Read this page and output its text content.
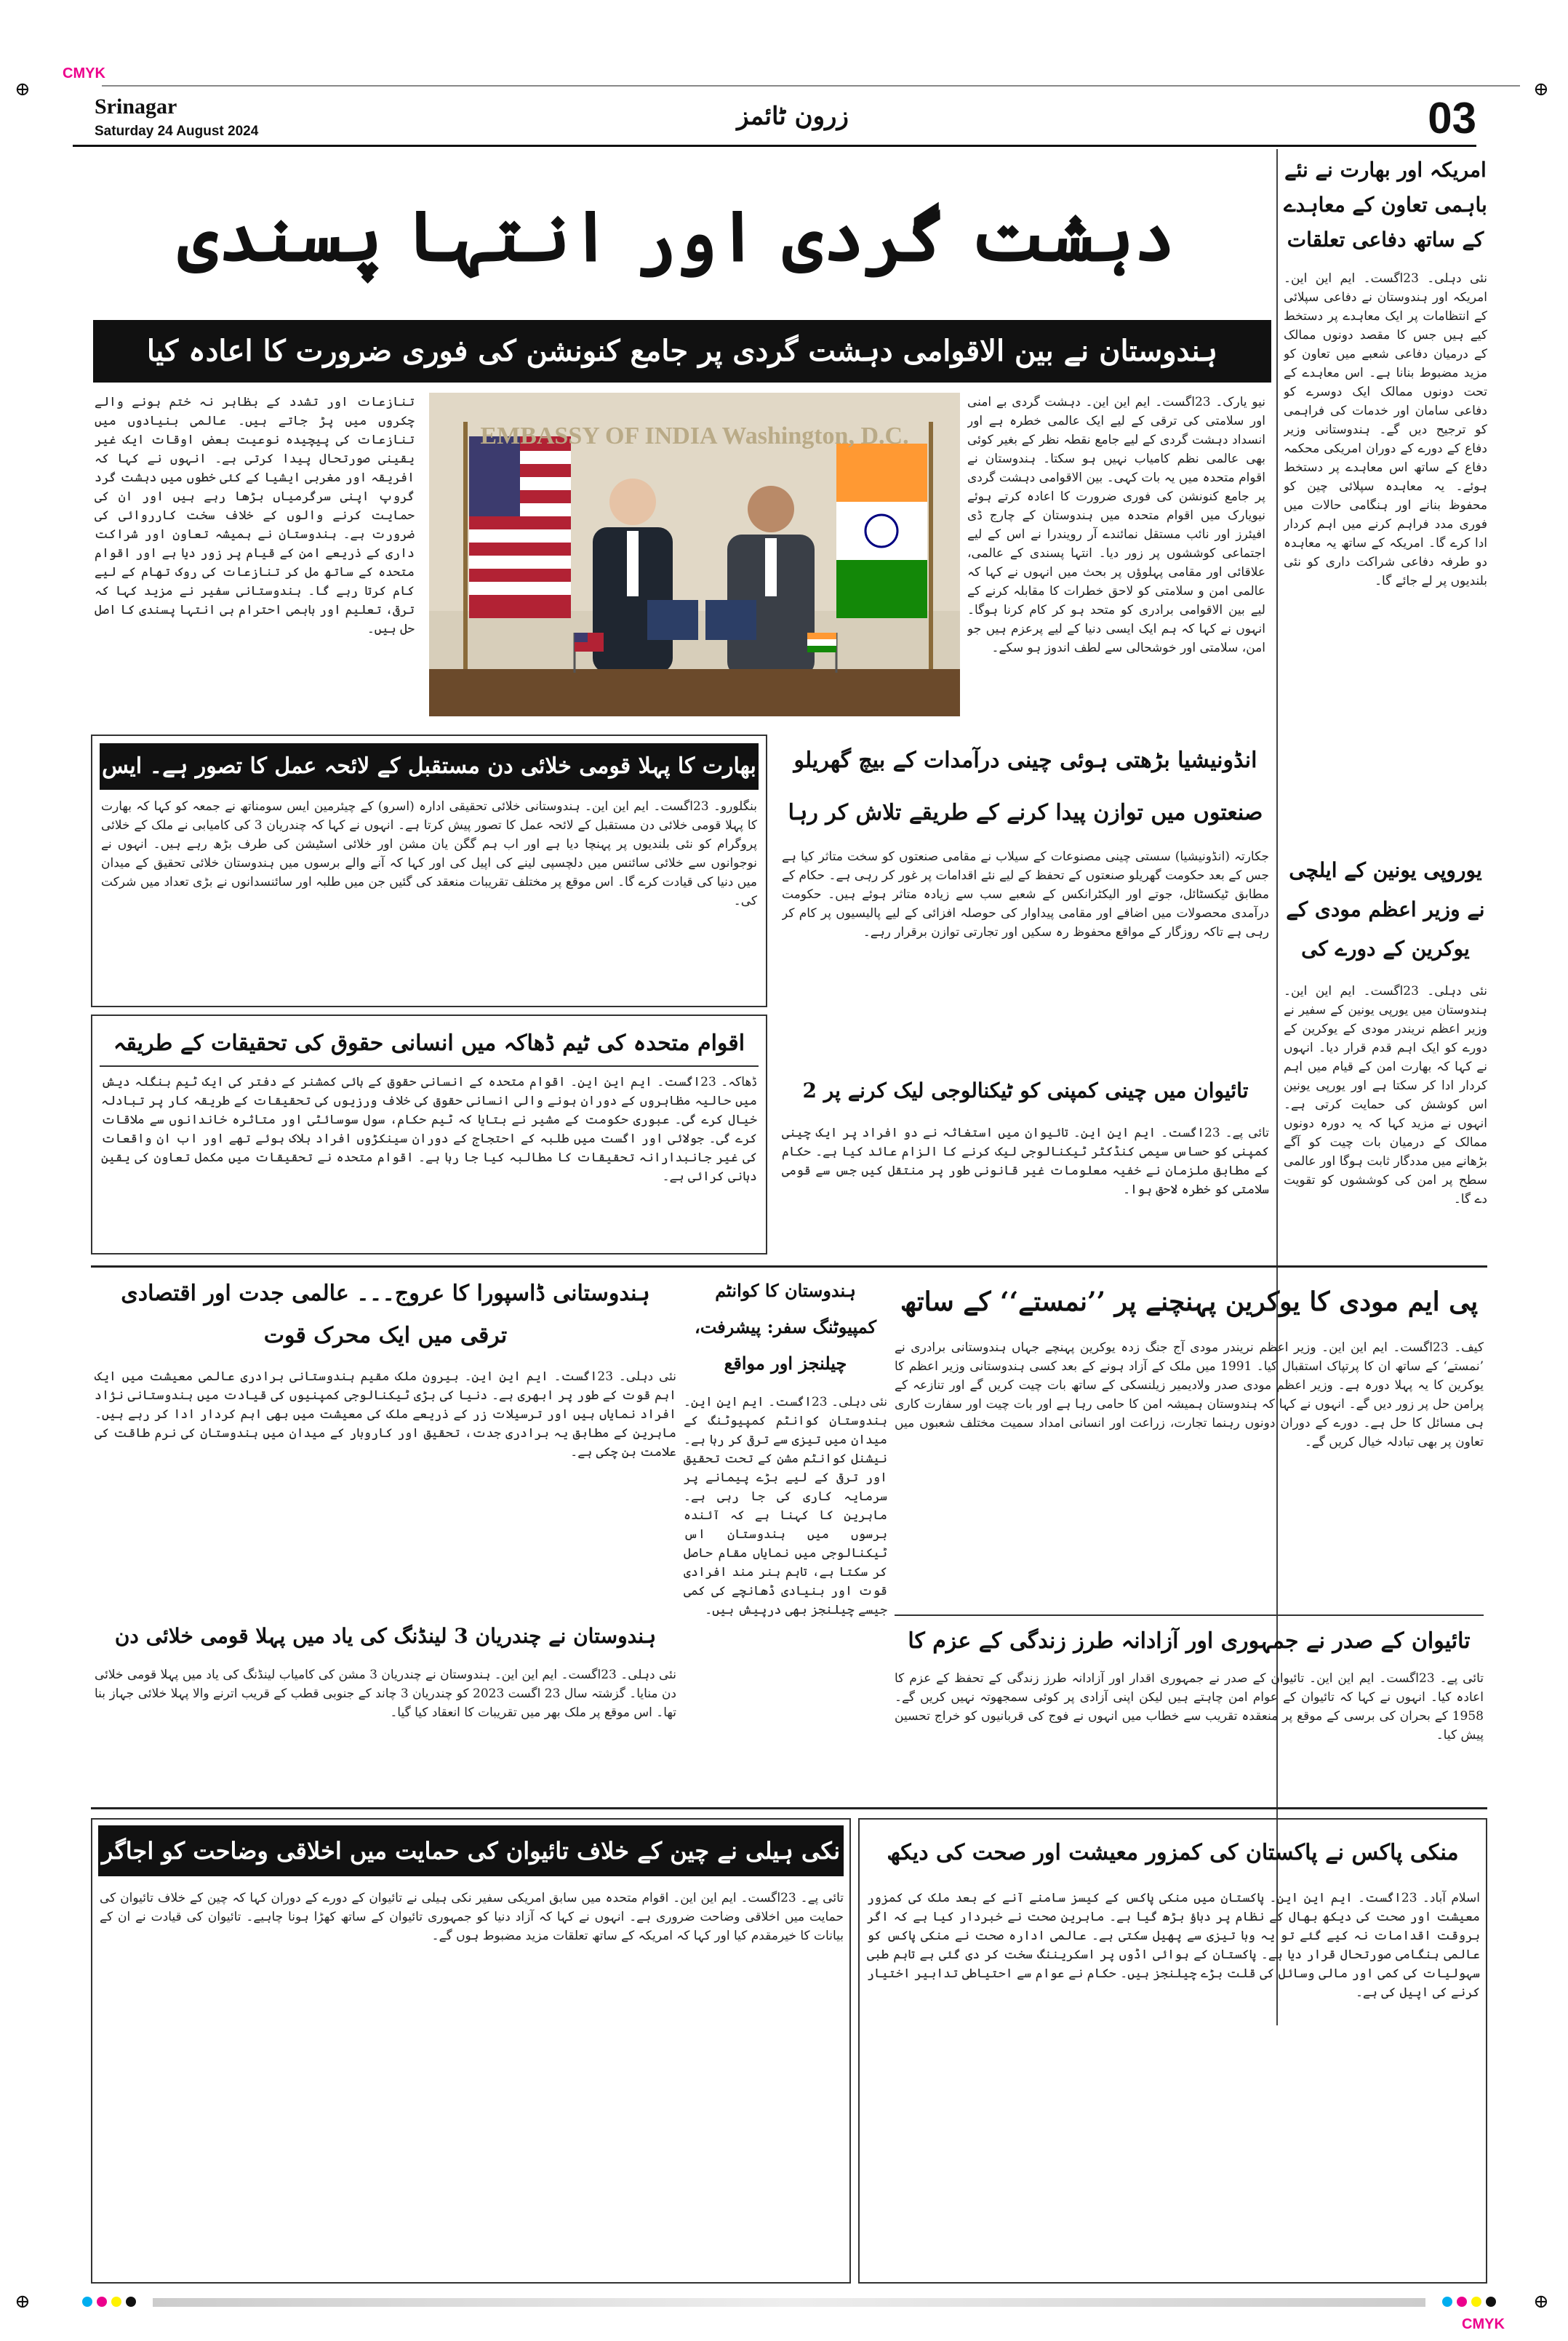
CMYK
⊕	⊕
Srinagar
Saturday 24 August 2024
زرون ٹائمز	03
دہشت گردی اور انتہا پسندی
ہندوستان نے بین الاقوامی دہشت گردی پر جامع کنونشن کی فوری ضرورت کا اعادہ کیا
نیو یارک۔ 23اگست۔ ایم این این۔ دہشت گردی بے امنی اور سلامتی کی ترقی کے لیے ایک عالمی خطرہ ہے اور انسداد دہشت گردی کے لیے جامع نقطہ نظر کے بغیر کوئی بھی عالمی نظم کامیاب نہیں ہو سکتا۔ ہندوستان نے اقوام متحدہ میں یہ بات کہی۔ بین الاقوامی دہشت گردی پر جامع کنونشن کی فوری ضرورت کا اعادہ کرتے ہوئے نیویارک میں اقوام متحدہ میں ہندوستان کے چارج ڈی افیئرز اور نائب مستقل نمائندے آر رویندرا نے اس کے لیے اجتماعی کوششوں پر زور دیا۔ انتہا پسندی کے عالمی، علاقائی اور مقامی پہلوؤں پر بحث میں انہوں نے کہا کہ عالمی امن و سلامتی کو لاحق خطرات کا مقابلہ کرنے کے لیے بین الاقوامی برادری کو متحد ہو کر کام کرنا ہوگا۔ انہوں نے کہا کہ ہم ایک ایسی دنیا کے لیے پرعزم ہیں جو امن، سلامتی اور خوشحالی سے لطف اندوز ہو سکے۔
تنازعات اور تشدد کے بظاہر نہ ختم ہونے والے چکروں میں پڑ جاتے ہیں۔ عالمی بنیادوں میں تنازعات کی پیچیدہ نوعیت بعض اوقات ایک غیر یقینی صورتحال پیدا کرتی ہے۔ انہوں نے کہا کہ افریقہ اور مغربی ایشیا کے کئی خطوں میں دہشت گرد گروپ اپنی سرگرمیاں بڑھا رہے ہیں اور ان کی حمایت کرنے والوں کے خلاف سخت کارروائی کی ضرورت ہے۔ ہندوستان نے ہمیشہ تعاون اور شراکت داری کے ذریعے امن کے قیام پر زور دیا ہے اور اقوام متحدہ کے ساتھ مل کر تنازعات کی روک تھام کے لیے کام کرتا رہے گا۔ ہندوستانی سفیر نے مزید کہا کہ ترقی، تعلیم اور باہمی احترام ہی انتہا پسندی کا اصل حل ہیں۔
EMBASSY OF INDIA Washington, D.C.
امریکہ اور بھارت نے نئے باہمی تعاون کے معاہدے کے ساتھ دفاعی تعلقات
نئی دہلی۔ 23اگست۔ ایم این این۔ امریکہ اور ہندوستان نے دفاعی سپلائی کے انتظامات پر ایک معاہدے پر دستخط کیے ہیں جس کا مقصد دونوں ممالک کے درمیان دفاعی شعبے میں تعاون کو مزید مضبوط بنانا ہے۔ اس معاہدے کے تحت دونوں ممالک ایک دوسرے کو دفاعی سامان اور خدمات کی فراہمی کو ترجیح دیں گے۔ ہندوستانی وزیر دفاع کے دورے کے دوران امریکی محکمہ دفاع کے ساتھ اس معاہدے پر دستخط ہوئے۔ یہ معاہدہ سپلائی چین کو محفوظ بنانے اور ہنگامی حالات میں فوری مدد فراہم کرنے میں اہم کردار ادا کرے گا۔ امریکہ کے ساتھ یہ معاہدہ دو طرفہ دفاعی شراکت داری کو نئی بلندیوں پر لے جائے گا۔
یوروپی یونین کے ایلچی نے وزیر اعظم مودی کے یوکرین کے دورے کی
نئی دہلی۔ 23اگست۔ ایم این این۔ ہندوستان میں یورپی یونین کے سفیر نے وزیر اعظم نریندر مودی کے یوکرین کے دورے کو ایک اہم قدم قرار دیا۔ انہوں نے کہا کہ بھارت امن کے قیام میں اہم کردار ادا کر سکتا ہے اور یورپی یونین اس کوشش کی حمایت کرتی ہے۔ انہوں نے مزید کہا کہ یہ دورہ دونوں ممالک کے درمیان بات چیت کو آگے بڑھانے میں مددگار ثابت ہوگا اور عالمی سطح پر امن کی کوششوں کو تقویت دے گا۔
بھارت کا پہلا قومی خلائی دن مستقبل کے لائحہ عمل کا تصور ہے۔ ایس
بنگلورو۔ 23اگست۔ ایم این این۔ ہندوستانی خلائی تحقیقی ادارہ (اسرو) کے چیئرمین ایس سومناتھ نے جمعہ کو کہا کہ بھارت کا پہلا قومی خلائی دن مستقبل کے لائحہ عمل کا تصور پیش کرتا ہے۔ انہوں نے کہا کہ چندریان 3 کی کامیابی نے ملک کے خلائی پروگرام کو نئی بلندیوں پر پہنچا دیا ہے اور اب ہم گگن یان مشن اور خلائی اسٹیشن کی طرف بڑھ رہے ہیں۔ انہوں نے نوجوانوں سے خلائی سائنس میں دلچسپی لینے کی اپیل کی اور کہا کہ آنے والے برسوں میں ہندوستان خلائی تحقیق کے میدان میں دنیا کی قیادت کرے گا۔ اس موقع پر مختلف تقریبات منعقد کی گئیں جن میں طلبہ اور سائنسدانوں نے بڑی تعداد میں شرکت کی۔
انڈونیشیا بڑھتی ہوئی چینی درآمدات کے بیچ گھریلو صنعتوں میں توازن پیدا کرنے کے طریقے تلاش کر رہا
جکارتہ (انڈونیشیا) سستی چینی مصنوعات کے سیلاب نے مقامی صنعتوں کو سخت متاثر کیا ہے جس کے بعد حکومت گھریلو صنعتوں کے تحفظ کے لیے نئے اقدامات پر غور کر رہی ہے۔ حکام کے مطابق ٹیکسٹائل، جوتے اور الیکٹرانکس کے شعبے سب سے زیادہ متاثر ہوئے ہیں۔ حکومت درآمدی محصولات میں اضافے اور مقامی پیداوار کی حوصلہ افزائی کے لیے پالیسیوں پر کام کر رہی ہے تاکہ روزگار کے مواقع محفوظ رہ سکیں اور تجارتی توازن برقرار رہے۔
تائیوان میں چینی کمپنی کو ٹیکنالوجی لیک کرنے پر 2
تائی پے۔ 23اگست۔ ایم این این۔ تائیوان میں استغاثہ نے دو افراد پر ایک چینی کمپنی کو حساس سیمی کنڈکٹر ٹیکنالوجی لیک کرنے کا الزام عائد کیا ہے۔ حکام کے مطابق ملزمان نے خفیہ معلومات غیر قانونی طور پر منتقل کیں جس سے قومی سلامتی کو خطرہ لاحق ہوا۔
اقوام متحدہ کی ٹیم ڈھاکہ میں انسانی حقوق کی تحقیقات کے طریقہ
ڈھاکہ۔ 23اگست۔ ایم این این۔ اقوام متحدہ کے انسانی حقوق کے ہائی کمشنر کے دفتر کی ایک ٹیم بنگلہ دیش میں حالیہ مظاہروں کے دوران ہونے والی انسانی حقوق کی خلاف ورزیوں کی تحقیقات کے طریقہ کار پر تبادلہ خیال کرے گی۔ عبوری حکومت کے مشیر نے بتایا کہ ٹیم حکام، سول سوسائٹی اور متاثرہ خاندانوں سے ملاقات کرے گی۔ جولائی اور اگست میں طلبہ کے احتجاج کے دوران سینکڑوں افراد ہلاک ہوئے تھے اور اب ان واقعات کی غیر جانبدارانہ تحقیقات کا مطالبہ کیا جا رہا ہے۔ اقوام متحدہ نے تحقیقات میں مکمل تعاون کی یقین دہانی کرائی ہے۔
پی ایم مودی کا یوکرین پہنچنے پر ’’نمستے‘‘ کے ساتھ
کیف۔ 23اگست۔ ایم این این۔ وزیر اعظم نریندر مودی آج جنگ زدہ یوکرین پہنچے جہاں ہندوستانی برادری نے ’نمستے‘ کے ساتھ ان کا پرتپاک استقبال کیا۔ 1991 میں ملک کے آزاد ہونے کے بعد کسی ہندوستانی وزیر اعظم کا یوکرین کا یہ پہلا دورہ ہے۔ وزیر اعظم مودی صدر ولادیمیر زیلنسکی کے ساتھ بات چیت کریں گے اور تنازعہ کے پرامن حل پر زور دیں گے۔ انہوں نے کہا کہ ہندوستان ہمیشہ امن کا حامی رہا ہے اور بات چیت اور سفارت کاری ہی مسائل کا حل ہے۔ دورے کے دوران دونوں رہنما تجارت، زراعت اور انسانی امداد سمیت مختلف شعبوں میں تعاون پر بھی تبادلہ خیال کریں گے۔
ہندوستان کا کوانٹم کمپیوٹنگ سفر: پیشرفت، چیلنجز اور مواقع
نئی دہلی۔ 23اگست۔ ایم این این۔ ہندوستان کوانٹم کمپیوٹنگ کے میدان میں تیزی سے ترقی کر رہا ہے۔ نیشنل کوانٹم مشن کے تحت تحقیق اور ترقی کے لیے بڑے پیمانے پر سرمایہ کاری کی جا رہی ہے۔ ماہرین کا کہنا ہے کہ آئندہ برسوں میں ہندوستان اس ٹیکنالوجی میں نمایاں مقام حاصل کر سکتا ہے، تاہم ہنر مند افرادی قوت اور بنیادی ڈھانچے کی کمی جیسے چیلنجز بھی درپیش ہیں۔
ہندوستانی ڈاسپورا کا عروج۔۔۔ عالمی جدت اور اقتصادی ترقی میں ایک محرک قوت
نئی دہلی۔ 23اگست۔ ایم این این۔ بیرون ملک مقیم ہندوستانی برادری عالمی معیشت میں ایک اہم قوت کے طور پر ابھری ہے۔ دنیا کی بڑی ٹیکنالوجی کمپنیوں کی قیادت میں ہندوستانی نژاد افراد نمایاں ہیں اور ترسیلات زر کے ذریعے ملک کی معیشت میں بھی اہم کردار ادا کر رہے ہیں۔ ماہرین کے مطابق یہ برادری جدت، تحقیق اور کاروبار کے میدان میں ہندوستان کی نرم طاقت کی علامت بن چکی ہے۔
ہندوستان نے چندریان 3 لینڈنگ کی یاد میں پہلا قومی خلائی دن
نئی دہلی۔ 23اگست۔ ایم این این۔ ہندوستان نے چندریان 3 مشن کی کامیاب لینڈنگ کی یاد میں پہلا قومی خلائی دن منایا۔ گزشتہ سال 23 اگست 2023 کو چندریان 3 چاند کے جنوبی قطب کے قریب اترنے والا پہلا خلائی جہاز بنا تھا۔ اس موقع پر ملک بھر میں تقریبات کا انعقاد کیا گیا۔
تائیوان کے صدر نے جمہوری اور آزادانہ طرز زندگی کے عزم کا
تائی پے۔ 23اگست۔ ایم این این۔ تائیوان کے صدر نے جمہوری اقدار اور آزادانہ طرز زندگی کے تحفظ کے عزم کا اعادہ کیا۔ انہوں نے کہا کہ تائیوان کے عوام امن چاہتے ہیں لیکن اپنی آزادی پر کوئی سمجھوتہ نہیں کریں گے۔ 1958 کے بحران کی برسی کے موقع پر منعقدہ تقریب سے خطاب میں انہوں نے فوج کی قربانیوں کو خراج تحسین پیش کیا۔
منکی پاکس نے پاکستان کی کمزور معیشت اور صحت کی دیکھ
اسلام آباد۔ 23اگست۔ ایم این این۔ پاکستان میں منکی پاکس کے کیسز سامنے آنے کے بعد ملک کی کمزور معیشت اور صحت کی دیکھ بھال کے نظام پر دباؤ بڑھ گیا ہے۔ ماہرین صحت نے خبردار کیا ہے کہ اگر بروقت اقدامات نہ کیے گئے تو یہ وبا تیزی سے پھیل سکتی ہے۔ عالمی ادارہ صحت نے منکی پاکس کو عالمی ہنگامی صورتحال قرار دیا ہے۔ پاکستان کے ہوائی اڈوں پر اسکریننگ سخت کر دی گئی ہے تاہم طبی سہولیات کی کمی اور مالی وسائل کی قلت بڑے چیلنجز ہیں۔ حکام نے عوام سے احتیاطی تدابیر اختیار کرنے کی اپیل کی ہے۔
نکی ہیلی نے چین کے خلاف تائیوان کی حمایت میں اخلاقی وضاحت کو اجاگر
تائی پے۔ 23اگست۔ ایم این این۔ اقوام متحدہ میں سابق امریکی سفیر نکی ہیلی نے تائیوان کے دورے کے دوران کہا کہ چین کے خلاف تائیوان کی حمایت میں اخلاقی وضاحت ضروری ہے۔ انہوں نے کہا کہ آزاد دنیا کو جمہوری تائیوان کے ساتھ کھڑا ہونا چاہیے۔ تائیوان کی قیادت نے ان کے بیانات کا خیرمقدم کیا اور کہا کہ امریکہ کے ساتھ تعلقات مزید مضبوط ہوں گے۔
⊕	⊕
CMYK
